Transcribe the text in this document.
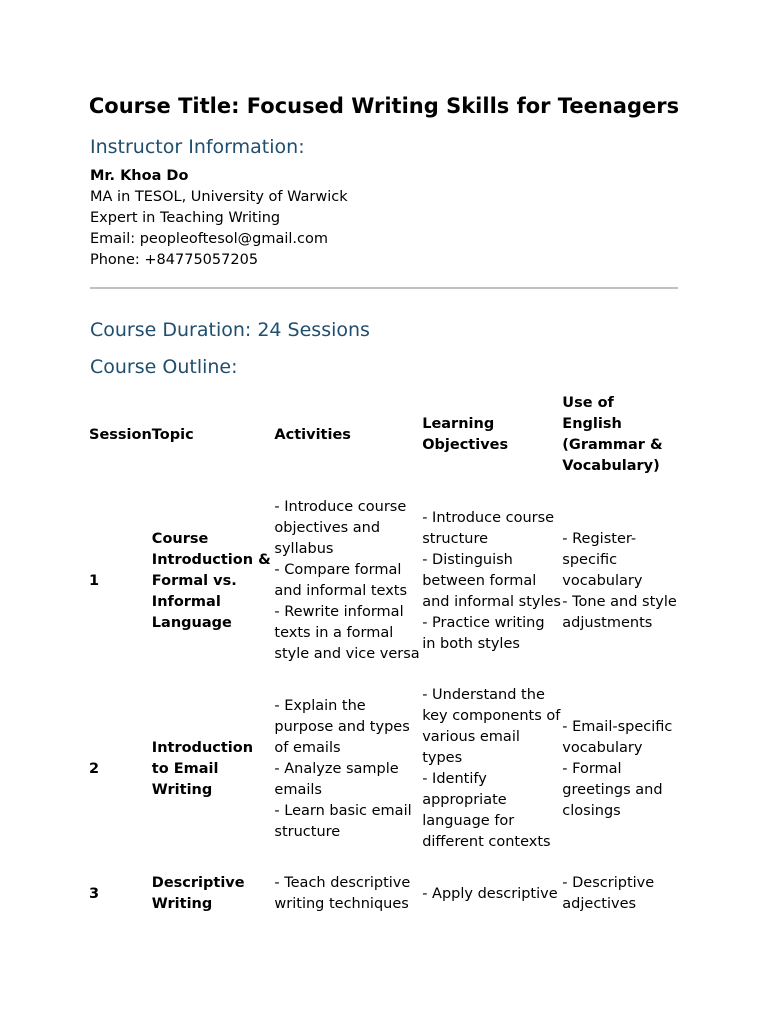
Course Title: Focused Writing Skills for Teenagers
Instructor Information:
Mr. Khoa Do
MA in TESOL, University of Warwick
Expert in Teaching Writing
Email: peopleoftesol@gmail.com
Phone: +84775057205
Course Duration: 24 Sessions
Course Outline:
Session	Topic	Activities	Learning Objectives	Use of English (Grammar & Vocabulary)
1	Course Introduction & Formal vs. Informal Language	- Introduce course objectives and syllabus
- Compare formal and informal texts
- Rewrite informal texts in a formal style and vice versa	- Introduce course structure
- Distinguish between formal and informal styles
- Practice writing in both styles	- Register-specific vocabulary
- Tone and style adjustments

2	Introduction to Email Writing	- Explain the purpose and types of emails
- Analyze sample emails
- Learn basic email structure	- Understand the key components of various email types
- Identify appropriate language for different contexts	- Email-specific vocabulary
- Formal greetings and closings

3	Descriptive Writing	- Teach descriptive writing techniques	- Apply descriptive	- Descriptive adjectives
